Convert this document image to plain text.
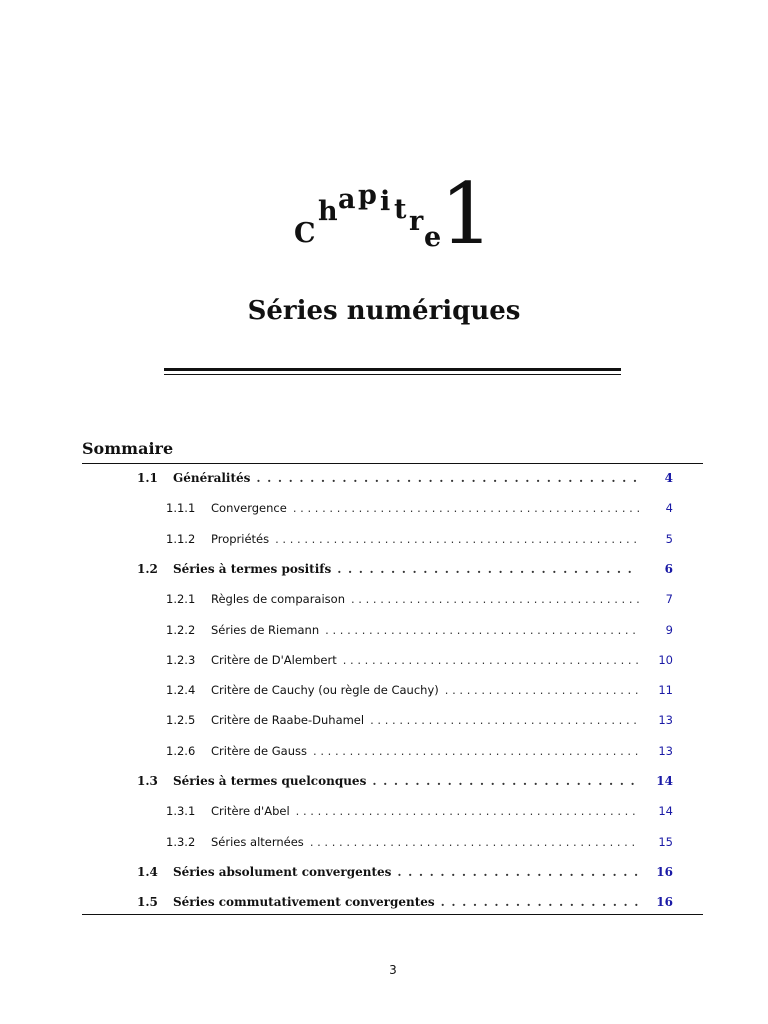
C
h a p i t r
e
1
Séries numériques
Sommaire
1.1	Généralités . . .	4
1.1.1	Convergence . . .	4
1.1.2	Propriétés . . .	5
1.2	Séries à termes positifs . . .	6
1.2.1	Règles de comparaison . . .	7
1.2.2	Séries de Riemann . . .	9
1.2.3	Critère de D'Alembert . . .	10
1.2.4	Critère de Cauchy (ou règle de Cauchy) . . .	11
1.2.5	Critère de Raabe-Duhamel . . .	13
1.2.6	Critère de Gauss . . .	13
1.3	Séries à termes quelconques . . .	14
1.3.1	Critère d'Abel . . .	14
1.3.2	Séries alternées . . .	15
1.4	Séries absolument convergentes . . .	16
1.5	Séries commutativement convergentes . . .	16
3
